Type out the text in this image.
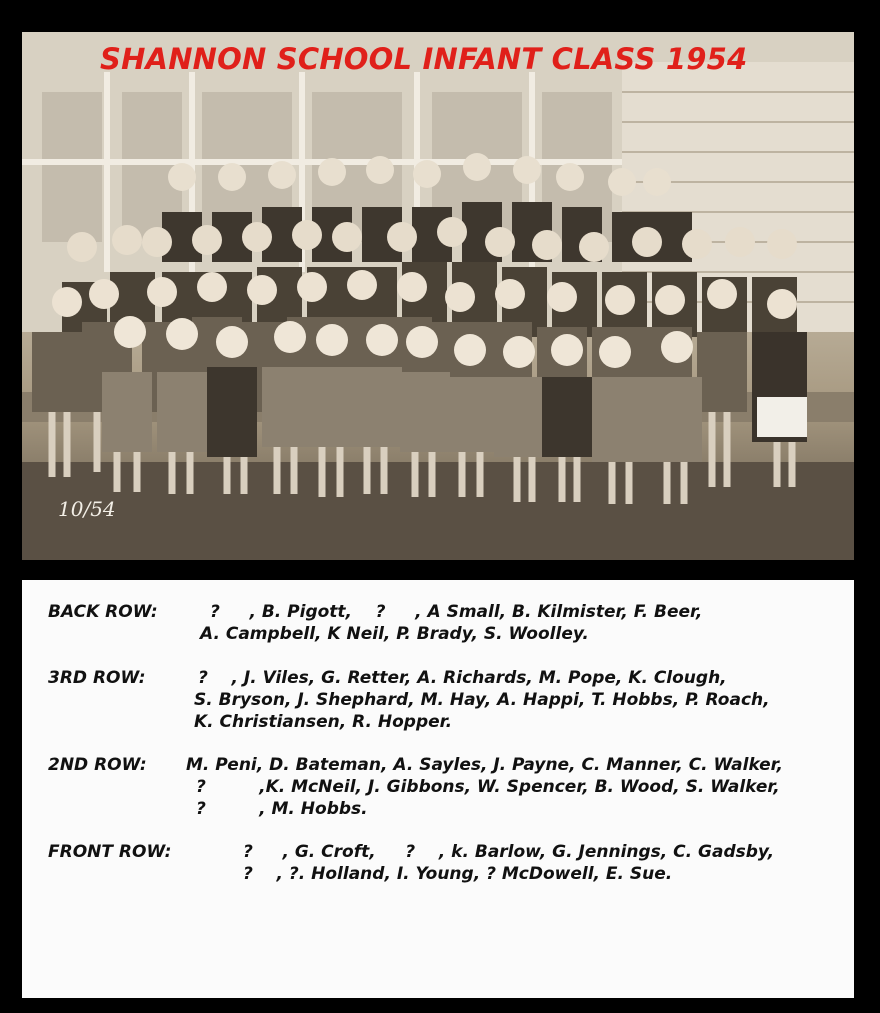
SHANNON SCHOOL INFANT CLASS 1954
10/54
BACK ROW:	?     , B. Pigott,    ?     , A Small, B. Kilmister, F. Beer,
A. Campbell, K Neil, P. Brady, S. Woolley.
3RD ROW:	?    , J. Viles, G. Retter, A. Richards, M. Pope, K. Clough,
S. Bryson, J. Shephard, M. Hay, A. Happi, T. Hobbs, P. Roach,
K. Christiansen, R. Hopper.
2ND ROW: M. Peni, D. Bateman, A. Sayles, J. Payne, C. Manner, C. Walker,
?         ,K. McNeil, J. Gibbons, W. Spencer, B. Wood, S. Walker,
?         , M. Hobbs.
FRONT ROW:	?     , G. Croft,     ?    , k. Barlow, G. Jennings, C. Gadsby,
?    , ?. Holland, I. Young, ? McDowell, E. Sue.
